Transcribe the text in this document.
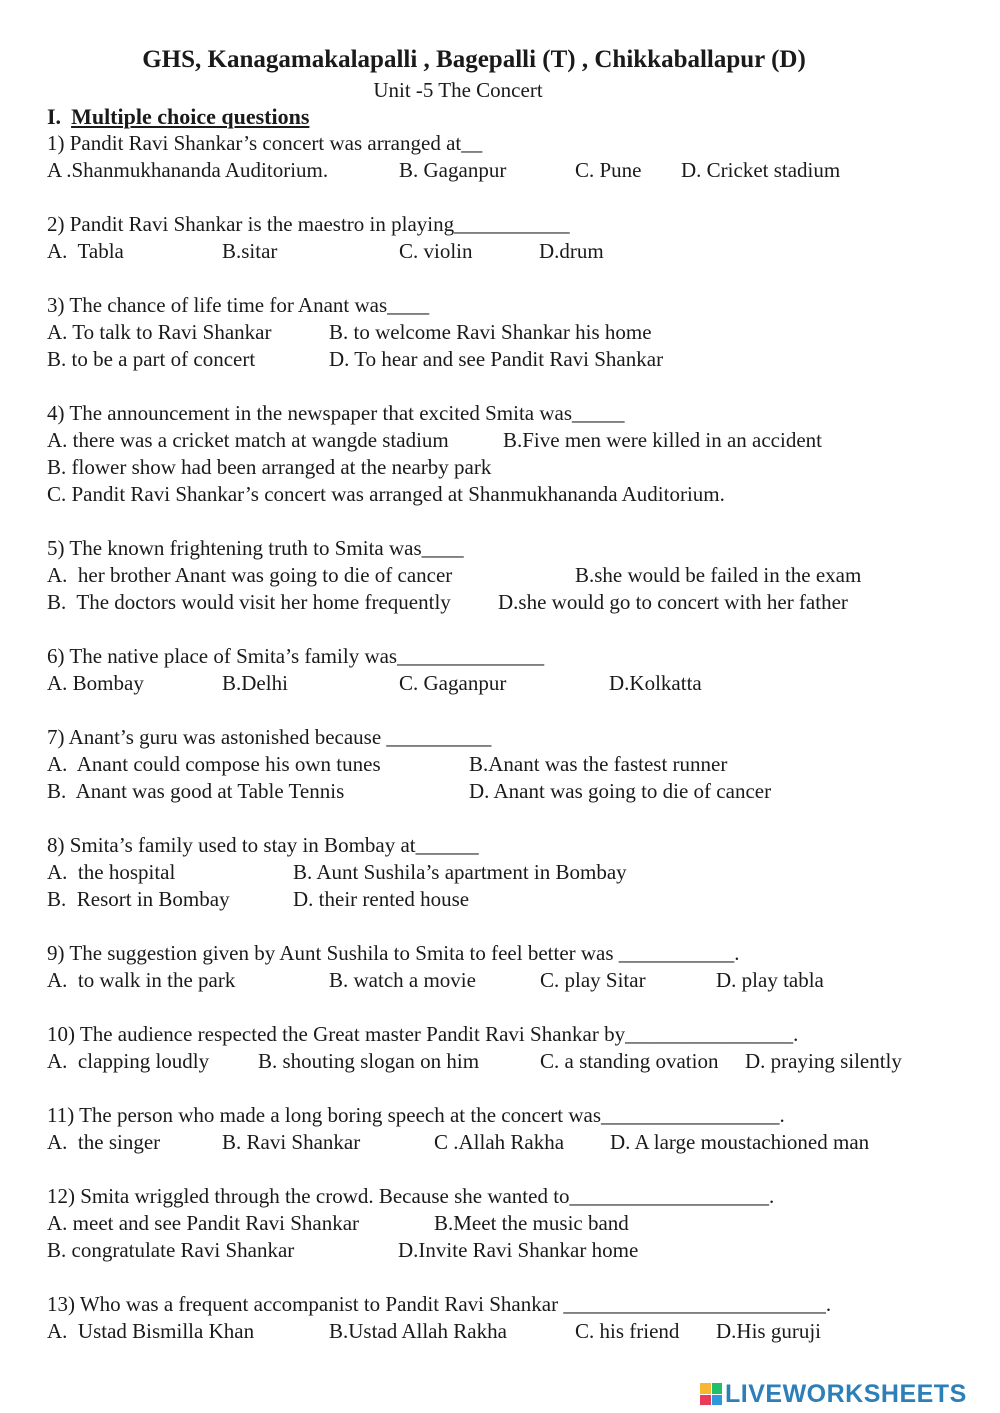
GHS, Kanagamakalapalli , Bagepalli (T) , Chikkaballapur (D)
Unit -5 The Concert
I. Multiple choice questions
1) Pandit Ravi Shankar’s concert was arranged at__
A .Shanmukhananda Auditorium.	B. Gaganpur	C. Pune D. Cricket stadium
2) Pandit Ravi Shankar is the maestro in playing___________
A.  Tabla	B.sitar	C. violin	D.drum
3) The chance of life time for Anant was____
A. To talk to Ravi Shankar	B. to welcome Ravi Shankar his home
B. to be a part of concert	D. To hear and see Pandit Ravi Shankar
4) The announcement in the newspaper that excited Smita was_____
A. there was a cricket match at wangde stadium	B.Five men were killed in an accident
B. flower show had been arranged at the nearby park
C. Pandit Ravi Shankar’s concert was arranged at Shanmukhananda Auditorium.
5) The known frightening truth to Smita was____
A.  her brother Anant was going to die of cancer	B.she would be failed in the exam
B.  The doctors would visit her home frequently D.she would go to concert with her father
6) The native place of Smita’s family was______________
A. Bombay	B.Delhi	C. Gaganpur	D.Kolkatta
7) Anant’s guru was astonished because __________
A.  Anant could compose his own tunes	B.Anant was the fastest runner
B.  Anant was good at Table Tennis	D. Anant was going to die of cancer
8) Smita’s family used to stay in Bombay at______
A.  the hospital	B. Aunt Sushila’s apartment in Bombay
B.  Resort in Bombay	D. their rented house
9) The suggestion given by Aunt Sushila to Smita to feel better was ___________.
A.  to walk in the park	B. watch a movie	C. play Sitar	D. play tabla
10) The audience respected the Great master Pandit Ravi Shankar by________________.
A.  clapping loudly B. shouting slogan on him	C. a standing ovation D. praying silently
11) The person who made a long boring speech at the concert was_________________.
A.  the singer	B. Ravi Shankar	C .Allah Rakha D. A large moustachioned man
12) Smita wriggled through the crowd. Because she wanted to___________________.
A. meet and see Pandit Ravi Shankar	B.Meet the music band
B. congratulate Ravi Shankar	D.Invite Ravi Shankar home
13) Who was a frequent accompanist to Pandit Ravi Shankar _________________________.
A.  Ustad Bismilla Khan	B.Ustad Allah Rakha	C. his friend D.His guruji
LIVEWORKSHEETS
